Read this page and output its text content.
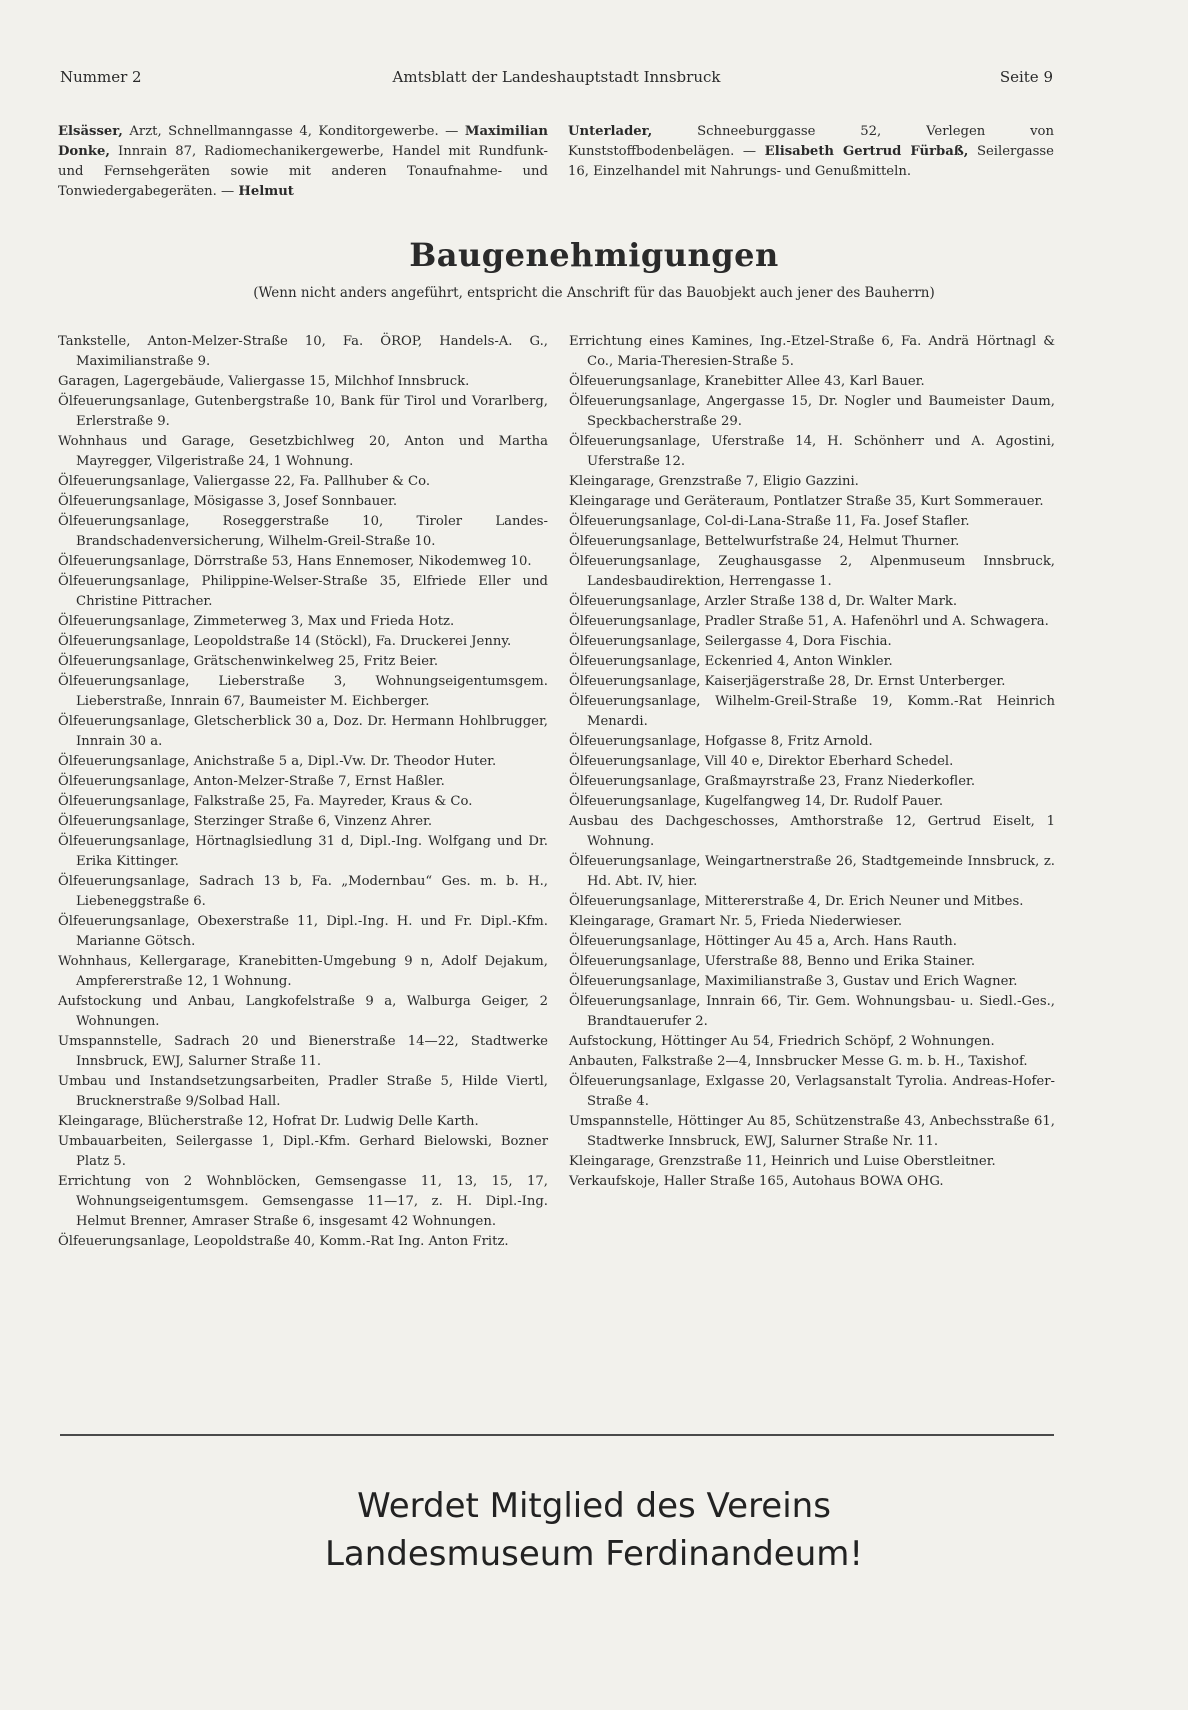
Nummer 2	Amtsblatt der Landeshauptstadt Innsbruck	Seite 9
Elsässer, Arzt, Schnellmanngasse 4, Konditorgewerbe. — Maximilian Donke, Innrain 87, Radiomechanikergewerbe, Handel mit Rundfunk- und Fernsehgeräten sowie mit anderen Tonaufnahme- und Tonwiedergabegeräten. — Helmut
Unterlader, Schneeburggasse 52, Verlegen von Kunststoffbodenbelägen. — Elisabeth Gertrud Fürbaß, Seilergasse 16, Einzelhandel mit Nahrungs- und Genußmitteln.
Baugenehmigungen
(Wenn nicht anders angeführt, entspricht die Anschrift für das Bauobjekt auch jener des Bauherrn)

Tankstelle, Anton-Melzer-Straße 10, Fa. ÖROP, Handels-A. G., Maximilianstraße 9.

Garagen, Lagergebäude, Valiergasse 15, Milchhof Innsbruck.

Ölfeuerungsanlage, Gutenbergstraße 10, Bank für Tirol und Vorarlberg, Erlerstraße 9.

Wohnhaus und Garage, Gesetzbichlweg 20, Anton und Martha Mayregger, Vilgeristraße 24, 1 Wohnung.

Ölfeuerungsanlage, Valiergasse 22, Fa. Pallhuber & Co.

Ölfeuerungsanlage, Mösigasse 3, Josef Sonnbauer.

Ölfeuerungsanlage, Roseggerstraße 10, Tiroler Landes-Brandschadenversicherung, Wilhelm-Greil-Straße 10.

Ölfeuerungsanlage, Dörrstraße 53, Hans Ennemoser, Nikodemweg 10.

Ölfeuerungsanlage, Philippine-Welser-Straße 35, Elfriede Eller und Christine Pittracher.

Ölfeuerungsanlage, Zimmeterweg 3, Max und Frieda Hotz.

Ölfeuerungsanlage, Leopoldstraße 14 (Stöckl), Fa. Druckerei Jenny.

Ölfeuerungsanlage, Grätschenwinkelweg 25, Fritz Beier.

Ölfeuerungsanlage, Lieberstraße 3, Wohnungseigentumsgem. Lieberstraße, Innrain 67, Baumeister M. Eichberger.

Ölfeuerungsanlage, Gletscherblick 30 a, Doz. Dr. Hermann Hohlbrugger, Innrain 30 a.

Ölfeuerungsanlage, Anichstraße 5 a, Dipl.-Vw. Dr. Theodor Huter.

Ölfeuerungsanlage, Anton-Melzer-Straße 7, Ernst Haßler.

Ölfeuerungsanlage, Falkstraße 25, Fa. Mayreder, Kraus & Co.

Ölfeuerungsanlage, Sterzinger Straße 6, Vinzenz Ahrer.

Ölfeuerungsanlage, Hörtnaglsiedlung 31 d, Dipl.-Ing. Wolfgang und Dr. Erika Kittinger.

Ölfeuerungsanlage, Sadrach 13 b, Fa. „Modernbau“ Ges. m. b. H., Liebeneggstraße 6.

Ölfeuerungsanlage, Obexerstraße 11, Dipl.-Ing. H. und Fr. Dipl.-Kfm. Marianne Götsch.

Wohnhaus, Kellergarage, Kranebitten-Umgebung 9 n, Adolf Dejakum, Ampfererstraße 12, 1 Wohnung.

Aufstockung und Anbau, Langkofelstraße 9 a, Walburga Geiger, 2 Wohnungen.

Umspannstelle, Sadrach 20 und Bienerstraße 14—22, Stadtwerke Innsbruck, EWJ, Salurner Straße 11.

Umbau und Instandsetzungsarbeiten, Pradler Straße 5, Hilde Viertl, Brucknerstraße 9/Solbad Hall.

Kleingarage, Blücherstraße 12, Hofrat Dr. Ludwig Delle Karth.

Umbauarbeiten, Seilergasse 1, Dipl.-Kfm. Gerhard Bielowski, Bozner Platz 5.

Errichtung von 2 Wohnblöcken, Gemsengasse 11, 13, 15, 17, Wohnungseigentumsgem. Gemsengasse 11—17, z. H. Dipl.-Ing. Helmut Brenner, Amraser Straße 6, insgesamt 42 Wohnungen.

Ölfeuerungsanlage, Leopoldstraße 40, Komm.-Rat Ing. Anton Fritz.

Errichtung eines Kamines, Ing.-Etzel-Straße 6, Fa. Andrä Hörtnagl & Co., Maria-Theresien-Straße 5.

Ölfeuerungsanlage, Kranebitter Allee 43, Karl Bauer.

Ölfeuerungsanlage, Angergasse 15, Dr. Nogler und Baumeister Daum, Speckbacherstraße 29.

Ölfeuerungsanlage, Uferstraße 14, H. Schönherr und A. Agostini, Uferstraße 12.

Kleingarage, Grenzstraße 7, Eligio Gazzini.

Kleingarage und Geräteraum, Pontlatzer Straße 35, Kurt Sommerauer.

Ölfeuerungsanlage, Col-di-Lana-Straße 11, Fa. Josef Stafler.

Ölfeuerungsanlage, Bettelwurfstraße 24, Helmut Thurner.

Ölfeuerungsanlage, Zeughausgasse 2, Alpenmuseum Innsbruck, Landesbaudirektion, Herrengasse 1.

Ölfeuerungsanlage, Arzler Straße 138 d, Dr. Walter Mark.

Ölfeuerungsanlage, Pradler Straße 51, A. Hafenöhrl und A. Schwagera.

Ölfeuerungsanlage, Seilergasse 4, Dora Fischia.

Ölfeuerungsanlage, Eckenried 4, Anton Winkler.

Ölfeuerungsanlage, Kaiserjägerstraße 28, Dr. Ernst Unterberger.

Ölfeuerungsanlage, Wilhelm-Greil-Straße 19, Komm.-Rat Heinrich Menardi.

Ölfeuerungsanlage, Hofgasse 8, Fritz Arnold.

Ölfeuerungsanlage, Vill 40 e, Direktor Eberhard Schedel.

Ölfeuerungsanlage, Graßmayrstraße 23, Franz Niederkofler.

Ölfeuerungsanlage, Kugelfangweg 14, Dr. Rudolf Pauer.

Ausbau des Dachgeschosses, Amthorstraße 12, Gertrud Eiselt, 1 Wohnung.

Ölfeuerungsanlage, Weingartnerstraße 26, Stadtgemeinde Innsbruck, z. Hd. Abt. IV, hier.

Ölfeuerungsanlage, Mittererstraße 4, Dr. Erich Neuner und Mitbes.

Kleingarage, Gramart Nr. 5, Frieda Niederwieser.

Ölfeuerungsanlage, Höttinger Au 45 a, Arch. Hans Rauth.

Ölfeuerungsanlage, Uferstraße 88, Benno und Erika Stainer.

Ölfeuerungsanlage, Maximilianstraße 3, Gustav und Erich Wagner.

Ölfeuerungsanlage, Innrain 66, Tir. Gem. Wohnungsbau- u. Siedl.-Ges., Brandtauerufer 2.

Aufstockung, Höttinger Au 54, Friedrich Schöpf, 2 Wohnungen.

Anbauten, Falkstraße 2—4, Innsbrucker Messe G. m. b. H., Taxishof.

Ölfeuerungsanlage, Exlgasse 20, Verlagsanstalt Tyrolia. Andreas-Hofer-Straße 4.

Umspannstelle, Höttinger Au 85, Schützenstraße 43, Anbechsstraße 61, Stadtwerke Innsbruck, EWJ, Salurner Straße Nr. 11.

Kleingarage, Grenzstraße 11, Heinrich und Luise Oberstleitner.

Verkaufskoje, Haller Straße 165, Autohaus BOWA OHG.

Werdet Mitglied des Vereins
Landesmuseum Ferdinandeum!
